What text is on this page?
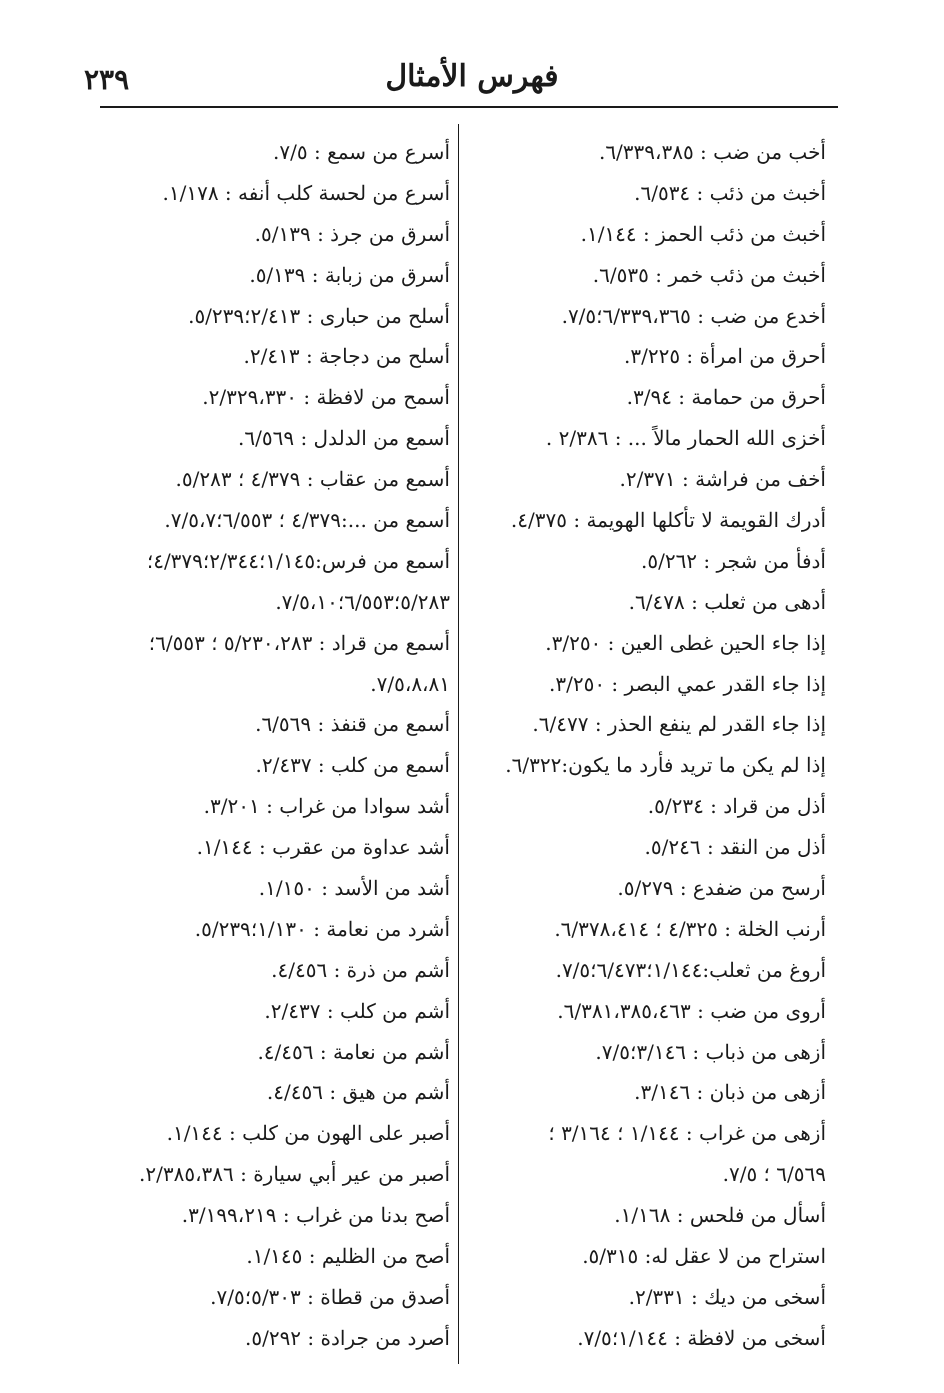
٢٣٩	فهرس الأمثال
أخب من ضب : ٦/٣٣٩،٣٨٥.
أخبث من ذئب : ٦/٥٣٤.
أخبث من ذئب الحمز : ١/١٤٤.
أخبث من ذئب خمر : ٦/٥٣٥.
أخدع من ضب : ٦/٣٣٩،٣٦٥؛٧/٥.
أحرق من امرأة : ٣/٢٢٥.
أحرق من حمامة : ٣/٩٤.
أخزى الله الحمار مالاً ... : ٢/٣٨٦ .
أخف من فراشة : ٢/٣٧١.
أدرك القويمة لا تأكلها الهويمة : ٤/٣٧٥.
أدفأ من شجر : ٥/٢٦٢.
أدهى من ثعلب : ٦/٤٧٨.
إذا جاء الحين غطى العين : ٣/٢٥٠.
إذا جاء القدر عمي البصر : ٣/٢٥٠.
إذا جاء القدر لم ينفع الحذر : ٦/٤٧٧.
إذا لم يكن ما تريد فأرد ما يكون:٦/٣٢٢.
أذل من قراد : ٥/٢٣٤.
أذل من النقد : ٥/٢٤٦.
أرسح من ضفدع : ٥/٢٧٩.
أرنب الخلة : ٤/٣٢٥ ؛ ٦/٣٧٨،٤١٤.
أروغ من ثعلب:١/١٤٤؛٦/٤٧٣؛٧/٥.
أروى من ضب : ٦/٣٨١،٣٨٥،٤٦٣.
أزهى من ذباب : ٣/١٤٦؛٧/٥.
أزهى من ذبان : ٣/١٤٦.
أزهى من غراب : ١/١٤٤ ؛ ٣/١٦٤ ؛
٦/٥٦٩ ؛ ٧/٥.
أسأل من فلحس : ١/١٦٨.
استراح من لا عقل له: ٥/٣١٥.
أسخى من ديك : ٢/٣٣١.
أسخى من لافظة : ١/١٤٤؛٧/٥.
أسرع من سمع : ٧/٥.
أسرع من لحسة كلب أنفه : ١/١٧٨.
أسرق من جرذ : ٥/١٣٩.
أسرق من زبابة : ٥/١٣٩.
أسلح من حبارى : ٢/٤١٣؛٥/٢٣٩.
أسلح من دجاجة : ٢/٤١٣.
أسمح من لافظة : ٢/٣٢٩،٣٣٠.
أسمع من الدلدل : ٦/٥٦٩.
أسمع من عقاب : ٤/٣٧٩ ؛ ٥/٢٨٣.
أسمع من ...:٤/٣٧٩ ؛ ٦/٥٥٣؛٧/٥،٧.
أسمع من فرس:١/١٤٥؛٢/٣٤٤؛٤/٣٧٩؛
٥/٢٨٣؛٦/٥٥٣؛٧/٥،١٠.
أسمع من قراد : ٥/٢٣٠،٢٨٣ ؛ ٦/٥٥٣؛
٧/٥،٨،٨١.
أسمع من قنفذ : ٦/٥٦٩.
أسمع من كلب : ٢/٤٣٧.
أشد سوادا من غراب : ٣/٢٠١.
أشد عداوة من عقرب : ١/١٤٤.
أشد من الأسد : ١/١٥٠.
أشرد من نعامة : ١/١٣٠؛٥/٢٣٩.
أشم من ذرة : ٤/٤٥٦.
أشم من كلب : ٢/٤٣٧.
أشم من نعامة : ٤/٤٥٦.
أشم من هيق : ٤/٤٥٦.
أصبر على الهون من كلب : ١/١٤٤.
أصبر من عير أبي سيارة : ٢/٣٨٥،٣٨٦.
أصح بدنا من غراب : ٣/١٩٩،٢١٩.
أصح من الظليم : ١/١٤٥.
أصدق من قطاة : ٥/٣٠٣؛٧/٥.
أصرد من جرادة : ٥/٢٩٢.
